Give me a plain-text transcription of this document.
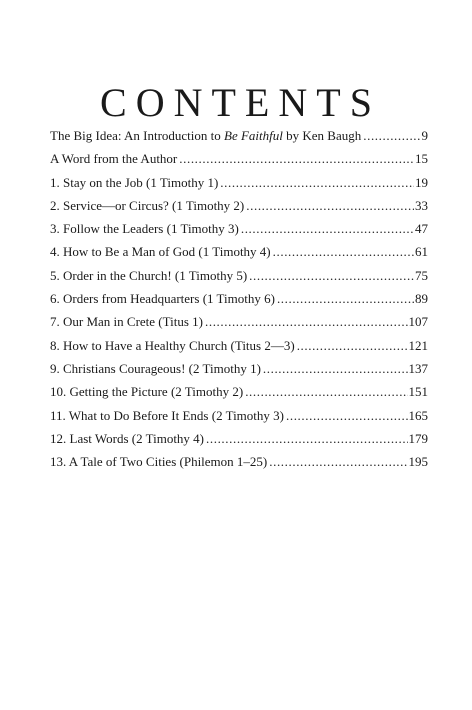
CONTENTS
The Big Idea: An Introduction to Be Faithful by Ken Baugh .....	9
A Word from the Author .....	15
1. Stay on the Job (1 Timothy 1) .....	19
2. Service—or Circus? (1 Timothy 2) .....	33
3. Follow the Leaders (1 Timothy 3) .....	47
4. How to Be a Man of God (1 Timothy 4) .....	61
5. Order in the Church! (1 Timothy 5) .....	75
6. Orders from Headquarters (1 Timothy 6) .....	89
7. Our Man in Crete (Titus 1) .....	107
8. How to Have a Healthy Church (Titus 2—3) .....	121
9. Christians Courageous! (2 Timothy 1) .....	137
10. Getting the Picture (2 Timothy 2) .....	151
11. What to Do Before It Ends (2 Timothy 3) .....	165
12. Last Words (2 Timothy 4) .....	179
13. A Tale of Two Cities (Philemon 1–25) .....	195
